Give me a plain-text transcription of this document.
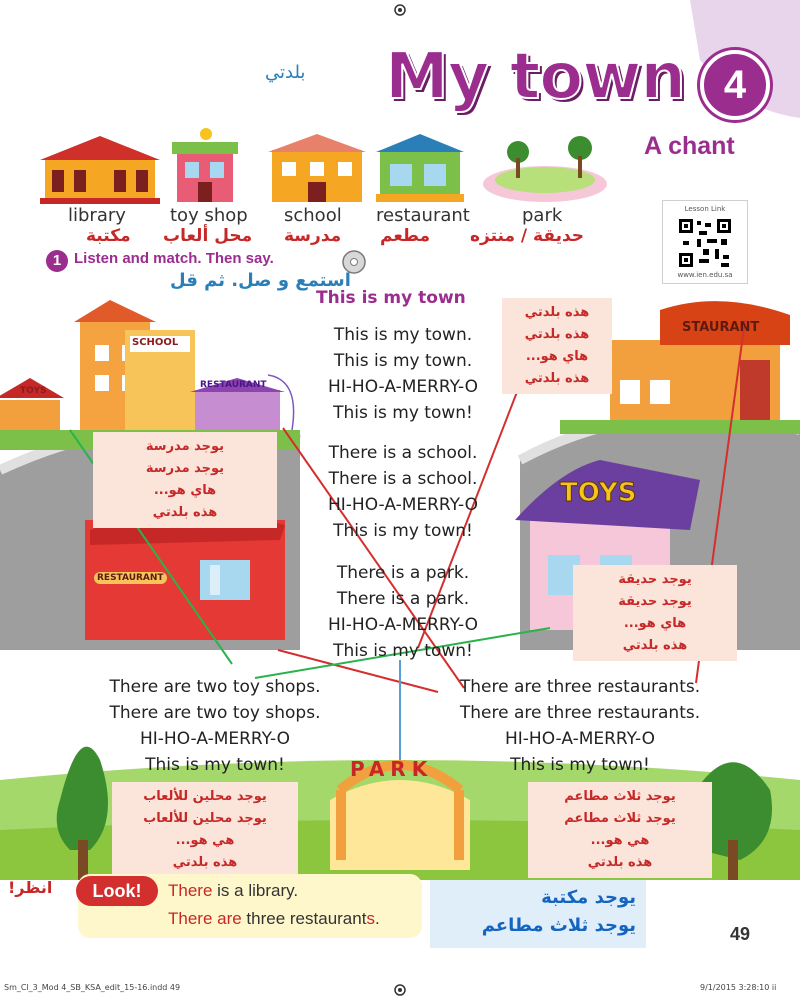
SCHOOL
TOYS
RESTAURANT
STAURANT
TOYS
RESTAURANT
PARK
بلدتي My town 4
A chant
library toy shop school restaurant	park
مكتبة محل ألعاب مدرسة مطعم حديقة / منتزه
Lesson Link
www.ien.edu.sa
1 Listen and match. Then say.
استمع و صل. ثم قل
This is my town
This is my town.
This is my town.
HI-HO-A-MERRY-O
This is my town!
There is a school.
There is a school.
HI-HO-A-MERRY-O
This is my town!
There is a park.
There is a park.
HI-HO-A-MERRY-O
This is my town!
There are two toy shops.
There are two toy shops.
HI-HO-A-MERRY-O
This is my town!
There are three restaurants.
There are three restaurants.
HI-HO-A-MERRY-O
This is my town!
هذه بلدتي
هذه بلدتي
هاي هو...
هذه بلدتي
يوجد مدرسة
يوجد مدرسة
هاي هو...
هذه بلدتي
يوجد حديقة
يوجد حديقة
هاي هو...
هذه بلدتي
يوجد محلين للألعاب
يوجد محلين للألعاب
هي هو...
هذه بلدتي
يوجد ثلاث مطاعم
يوجد ثلاث مطاعم
هي هو...
هذه بلدتي
انظر!	Look!	There is a library.
There are three restaurants.
يوجد مكتبة
يوجد ثلاث مطاعم	49
Sm_Cl_3_Mod 4_SB_KSA_edit_15-16.indd 49	9/1/2015 3:28:10 ii
